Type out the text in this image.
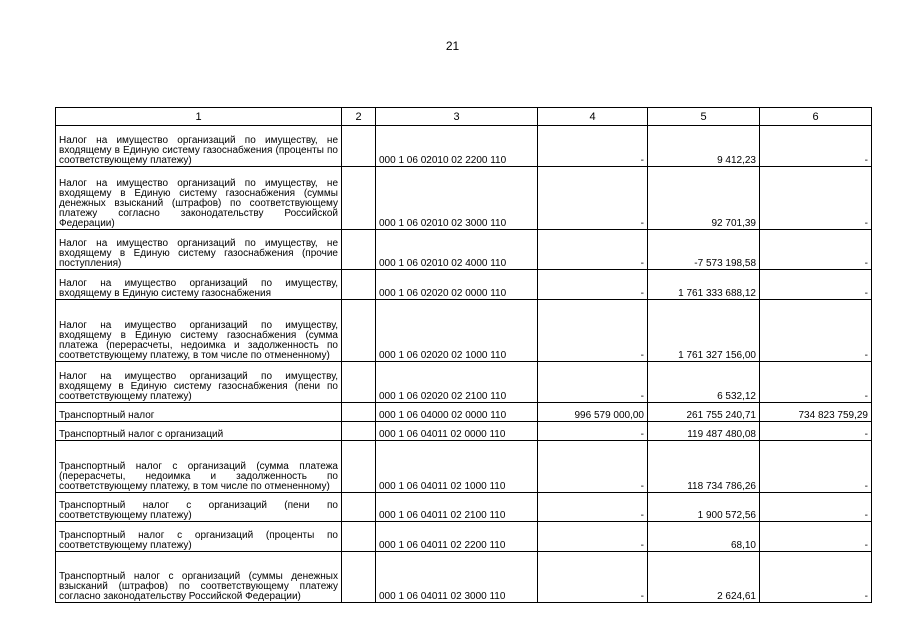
21
1	2	3	4	5	6
Налог на имущество организаций по имуществу, не входящему в Единую систему газоснабжения (проценты по соответствующему платежу)		000 1 06 02010 02 2200 110	-	9 412,23	-
Налог на имущество организаций по имуществу, не входящему в Единую систему газоснабжения (суммы денежных взысканий (штрафов) по соответствующему платежу согласно законодательству Российской Федерации)		000 1 06 02010 02 3000 110	-	92 701,39	-
Налог на имущество организаций по имуществу, не входящему в Единую систему газоснабжения (прочие поступления)		000 1 06 02010 02 4000 110	-	-7 573 198,58	-
Налог на имущество организаций по имуществу, входящему в Единую систему газоснабжения		000 1 06 02020 02 0000 110	-	1 761 333 688,12	-
Налог на имущество организаций по имуществу, входящему в Единую систему газоснабжения (сумма платежа (перерасчеты, недоимка и задолженность по соответствующему платежу, в том числе по отмененному)		000 1 06 02020 02 1000 110	-	1 761 327 156,00	-
Налог на имущество организаций по имуществу, входящему в Единую систему газоснабжения (пени по соответствующему платежу)		000 1 06 02020 02 2100 110	-	6 532,12	-
Транспортный налог		000 1 06 04000 02 0000 110	996 579 000,00	261 755 240,71	734 823 759,29
Транспортный налог с организаций		000 1 06 04011 02 0000 110	-	119 487 480,08	-
Транспортный налог с организаций (сумма платежа (перерасчеты, недоимка и задолженность по соответствующему платежу, в том числе по отмененному)		000 1 06 04011 02 1000 110	-	118 734 786,26	-
Транспортный налог с организаций (пени по соответствующему платежу)		000 1 06 04011 02 2100 110	-	1 900 572,56	-
Транспортный налог с организаций (проценты по соответствующему платежу)		000 1 06 04011 02 2200 110	-	68,10	-
Транспортный налог с организаций (суммы денежных взысканий (штрафов) по соответствующему платежу согласно законодательству Российской Федерации)		000 1 06 04011 02 3000 110	-	2 624,61	-
